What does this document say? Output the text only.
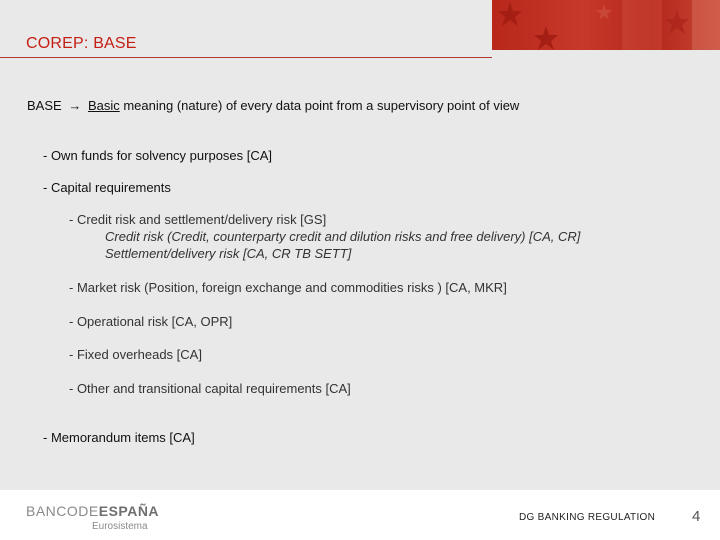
COREP: BASE
BASE → Basic meaning (nature) of every data point from a supervisory point of view
- Own funds for solvency purposes [CA]
- Capital requirements
- Credit risk and settlement/delivery risk [GS]
Credit risk (Credit, counterparty credit and dilution risks and free delivery) [CA, CR]
Settlement/delivery risk [CA, CR TB SETT]
- Market risk (Position, foreign exchange and commodities risks ) [CA, MKR]
- Operational risk [CA, OPR]
- Fixed overheads [CA]
- Other and transitional capital requirements [CA]
- Memorandum items [CA]
BANCODEESPAÑA
Eurosistema
DG BANKING REGULATION 4
